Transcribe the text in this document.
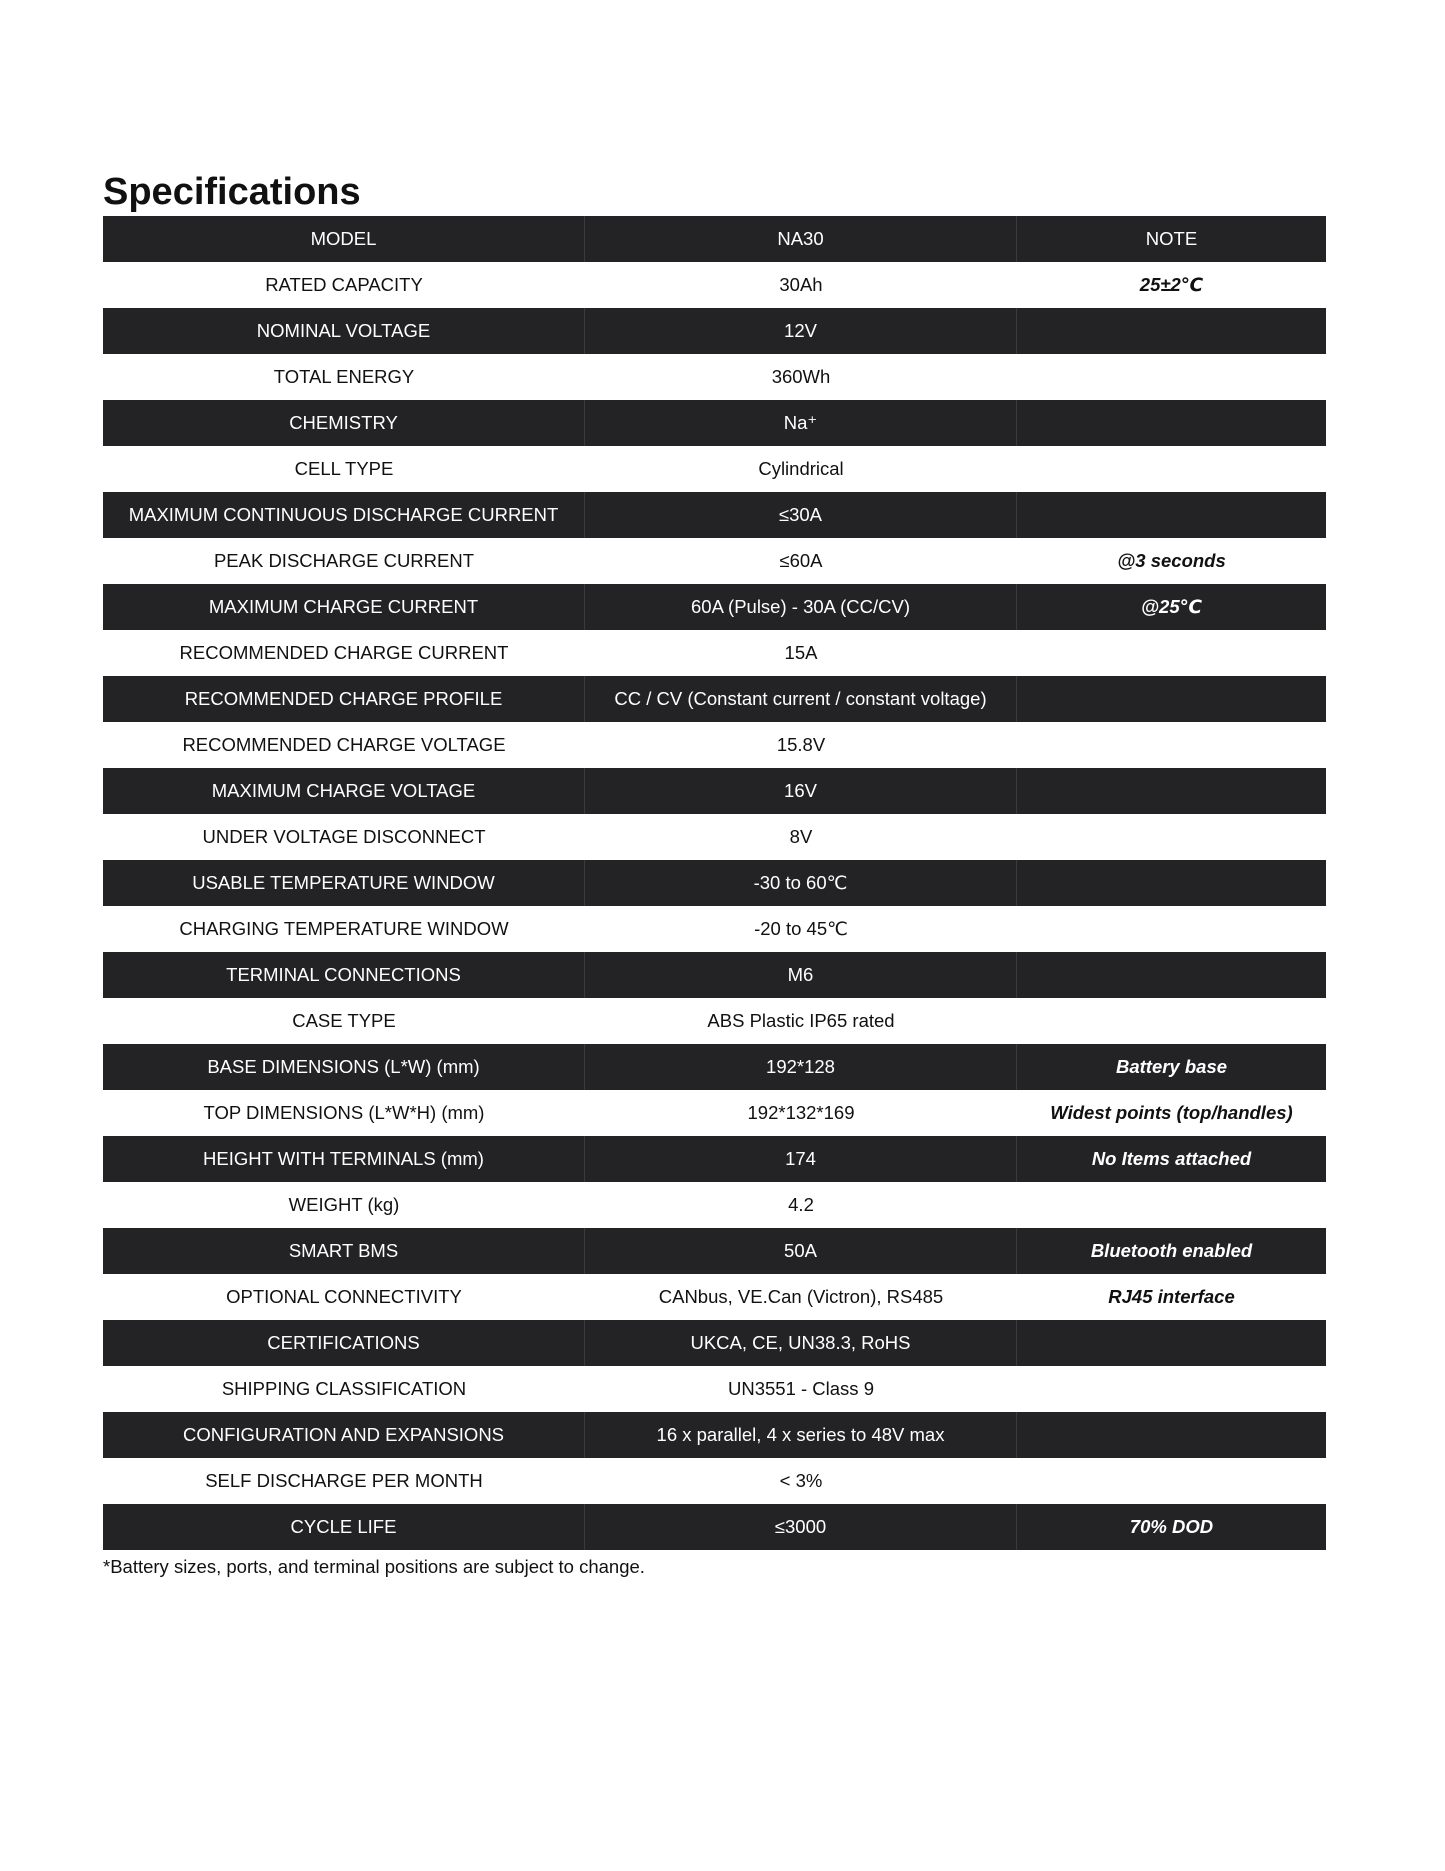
Specifications
MODEL	NA30	NOTE
RATED CAPACITY	30Ah	25±2℃
NOMINAL VOLTAGE	12V
TOTAL ENERGY	360Wh
CHEMISTRY	Na⁺
CELL TYPE	Cylindrical
MAXIMUM CONTINUOUS DISCHARGE CURRENT	≤30A
PEAK DISCHARGE CURRENT	≤60A	@3 seconds
MAXIMUM CHARGE CURRENT	60A (Pulse) - 30A (CC/CV)	@25℃
RECOMMENDED CHARGE CURRENT	15A
RECOMMENDED CHARGE PROFILE	CC / CV (Constant current / constant voltage)
RECOMMENDED CHARGE VOLTAGE	15.8V
MAXIMUM CHARGE VOLTAGE	16V
UNDER VOLTAGE DISCONNECT	8V
USABLE TEMPERATURE WINDOW	-30 to 60℃
CHARGING TEMPERATURE WINDOW	-20 to 45℃
TERMINAL CONNECTIONS	M6
CASE TYPE	ABS Plastic IP65 rated
BASE DIMENSIONS (L*W) (mm)	192*128	Battery base
TOP DIMENSIONS (L*W*H) (mm)	192*132*169	Widest points (top/handles)
HEIGHT WITH TERMINALS (mm)	174	No Items attached
WEIGHT (kg)	4.2
SMART BMS	50A	Bluetooth enabled
OPTIONAL CONNECTIVITY	CANbus, VE.Can (Victron), RS485	RJ45 interface
CERTIFICATIONS	UKCA, CE, UN38.3, RoHS
SHIPPING CLASSIFICATION	UN3551 - Class 9
CONFIGURATION AND EXPANSIONS	16 x parallel, 4 x series to 48V max
SELF DISCHARGE PER MONTH	< 3%
CYCLE LIFE	≤3000	70% DOD

*Battery sizes, ports, and terminal positions are subject to change.
